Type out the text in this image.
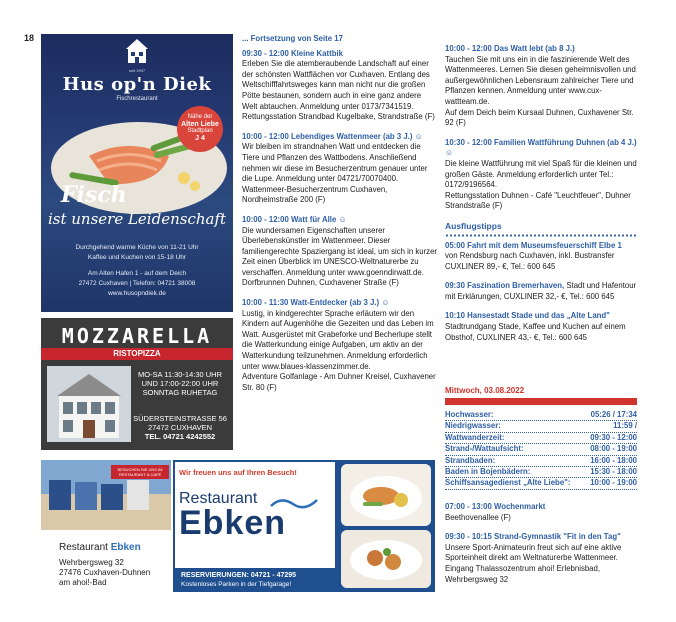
18
seit 1997
Hus op'n Diek
Fischrestaurant
Nähe der
Alten Liebe
Stadtplan
J 4
Fisch
ist unsere Leidenschaft
Durchgehend warme Küche von 11-21 Uhr
Kaffee und Kuchen von 15-18 Uhr
Am Alten Hafen 1 - auf dem Deich
27472 Cuxhaven | Telefon: 04721 38008
www.husopndiek.de
MOZZARELLA
RISTOPIZZA
MO-SA 11:30-14:30 UHR
UND 17:00-22:00 UHR
SONNTAG RUHETAG
SÜDERSTEINSTRASSE 56
27472 CUXHAVEN
TEL. 04721 4242552
BESUCHEN SIE UNS IM RESTAURANT & CAFÉ
Restaurant Ebken
Wehrbergsweg 32
27476 Cuxhaven-Duhnen
am ahoi!-Bad
Wir freuen uns auf Ihren Besuch!
Restaurant
Ebken
RESERVIERUNGEN: 04721 - 47295
Kostenloses Parken in der Tiefgarage!
... Fortsetzung von Seite 17
09:30 - 12:00 Kleine Kattbik
Erleben Sie die atemberaubende Landschaft auf einer der schönsten Wattflächen vor Cuxhaven. Entlang des Weltschifffahrtsweges kann man nicht nur die großen Pötte bestaunen, sondern auch in eine ganz andere Welt abtauchen. Anmeldung unter 0173/7341519.
Rettungsstation Strandbad Kugelbake, Strandstraße (F)
10:00 - 12:00 Lebendiges Wattenmeer (ab 3 J.) ☺
Wir bleiben im strandnahen Watt und entdecken die Tiere und Pflanzen des Wattbodens. Anschließend nehmen wir diese im Besucherzentrum genauer unter die Lupe. Anmeldung unter 04721/70070400.
Wattenmeer-Besucherzentrum Cuxhaven, Nordheimstraße 200 (F)
10:00 - 12:00 Watt für Alle ☺
Die wundersamen Eigenschaften unserer Überlebenskünstler im Wattenmeer. Dieser familiengerechte Spaziergang ist ideal, um sich in kurzer Zeit einen Überblick im UNESCO-Weltnaturerbe zu verschaffen. Anmeldung unter www.goenndirwatt.de.
Dorfbrunnen Duhnen, Cuxhavener Straße (F)
10:00 - 11:30 Watt-Entdecker (ab 3 J.) ☺
Lustig, in kindgerechter Sprache erläutern wir den Kindern auf Augenhöhe die Gezeiten und das Leben im Watt. Ausgerüstet mit Grabeforke und Becherlupe stellt die Watterkundung einige Aufgaben, um aktiv an der Watterkundung teilzunehmen. Anmeldung erforderlich unter www.blaues-klassenzimmer.de.
Adventure Golfanlage - Am Duhner Kreisel, Cuxhavener Str. 80 (F)
10:00 - 12:00 Das Watt lebt (ab 8 J.)
Tauchen Sie mit uns ein in die faszinierende Welt des Wattenmeeres. Lernen Sie diesen geheimnisvollen und außergewöhnlichen Lebensraum zahlreicher Tiere und Pflanzen kennen. Anmeldung unter www.cux-wattteam.de.
Auf dem Deich beim Kursaal Duhnen, Cuxhavener Str. 92 (F)
10:30 - 12:00 Familien Wattführung Duhnen (ab 4 J.) ☺
Die kleine Wattführung mit viel Spaß für die kleinen und großen Gäste. Anmeldung erforderlich unter Tel.: 0172/9196564.
Rettungsstation Duhnen - Café "Leuchtfeuer", Duhner Strandstraße (F)
Ausflugstipps
05:00 Fahrt mit dem Museumsfeuerschiff Elbe 1
von Rendsburg nach Cuxhaven, inkl. Bustransfer CUXLINER 89,- €, Tel.: 600 645
09:30 Faszination Bremerhaven, Stadt und Hafentour mit Erklärungen, CUXLINER 32,- €, Tel.: 600 645
10:10 Hansestadt Stade und das „Alte Land"
Stadtrundgang Stade, Kaffee und Kuchen auf einem Obsthof, CUXLINER 43,- €, Tel.: 600 645
Mittwoch, 03.08.2022
Hochwasser:	05:26 / 17:34
Niedrigwasser:	11:59 /
Wattwanderzeit:	09:30 - 12:00
Strand-/Wattaufsicht:	08:00 - 19:00
Strandbaden:	16:00 - 18:00
Baden in Bojenbädern:	15:30 - 18:00
Schiffsansagedienst „Alte Liebe":	10:00 - 19:00
07:00 - 13:00 Wochenmarkt
Beethovenallee (F)
09:30 - 10:15 Strand-Gymnastik "Fit in den Tag"
Unsere Sport-Animateurin freut sich auf eine aktive Sporteinheit direkt am Weltnaturerbe Wattenmeer. Eingang Thalassozentrum ahoi! Erlebnisbad, Wehrbergsweg 32
